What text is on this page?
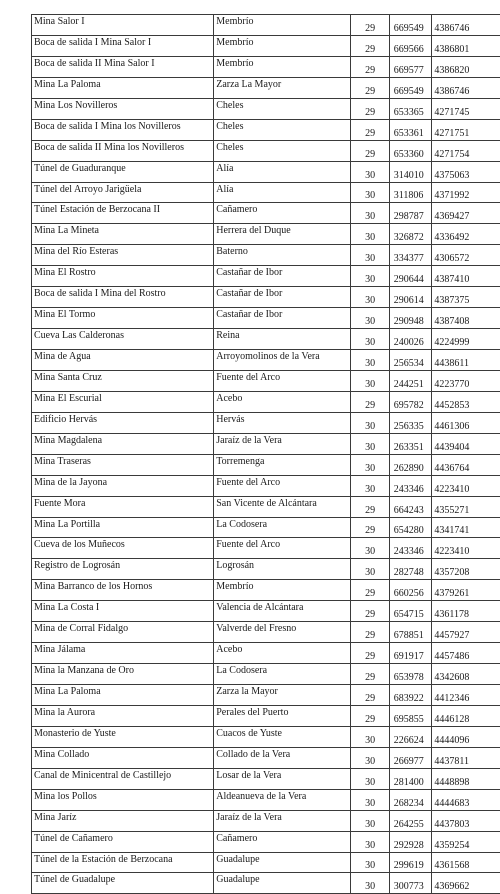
Mina Salor I	Membrío	29	669549	4386746
Boca de salida I Mina Salor I	Membrío	29	669566	4386801
Boca de salida II Mina Salor I	Membrío	29	669577	4386820
Mina La Paloma	Zarza La Mayor	29	669549	4386746
Mina Los Novilleros	Cheles	29	653365	4271745
Boca de salida I Mina los Novilleros	Cheles	29	653361	4271751
Boca de salida II Mina los Novilleros	Cheles	29	653360	4271754
Túnel de Guaduranque	Alía	30	314010	4375063
Túnel del Arroyo Jarigüela	Alía	30	311806	4371992
Túnel Estación de Berzocana II	Cañamero	30	298787	4369427
Mina La Mineta	Herrera del Duque	30	326872	4336492
Mina del Río Esteras	Baterno	30	334377	4306572
Mina El Rostro	Castañar de Ibor	30	290644	4387410
Boca de salida I Mina del Rostro	Castañar de Ibor	30	290614	4387375
Mina El Tormo	Castañar de Ibor	30	290948	4387408
Cueva Las Calderonas	Reina	30	240026	4224999
Mina de Agua	Arroyomolinos de la Vera	30	256534	4438611
Mina Santa Cruz	Fuente del Arco	30	244251	4223770
Mina El Escurial	Acebo	29	695782	4452853
Edificio Hervás	Hervás	30	256335	4461306
Mina Magdalena	Jaraíz de la Vera	30	263351	4439404
Mina Traseras	Torremenga	30	262890	4436764
Mina de la Jayona	Fuente del Arco	30	243346	4223410
Fuente Mora	San Vicente de Alcántara	29	664243	4355271
Mina La Portilla	La Codosera	29	654280	4341741
Cueva de los Muñecos	Fuente del Arco	30	243346	4223410
Registro de Logrosán	Logrosán	30	282748	4357208
Mina Barranco de los Hornos	Membrío	29	660256	4379261
Mina La Costa I	Valencia de Alcántara	29	654715	4361178
Mina de Corral Fidalgo	Valverde del Fresno	29	678851	4457927
Mina Jálama	Acebo	29	691917	4457486
Mina la Manzana de Oro	La Codosera	29	653978	4342608
Mina La Paloma	Zarza la Mayor	29	683922	4412346
Mina la Aurora	Perales del Puerto	29	695855	4446128
Monasterio de Yuste	Cuacos de Yuste	30	226624	4444096
Mina Collado	Collado de la Vera	30	266977	4437811
Canal de Minicentral de Castillejo	Losar de la Vera	30	281400	4448898
Mina los Pollos	Aldeanueva de la Vera	30	268234	4444683
Mina Jaríz	Jaraíz de la Vera	30	264255	4437803
Túnel de Cañamero	Cañamero	30	292928	4359254
Túnel de la Estación de Berzocana	Guadalupe	30	299619	4361568
Túnel de Guadalupe	Guadalupe	30	300773	4369662
